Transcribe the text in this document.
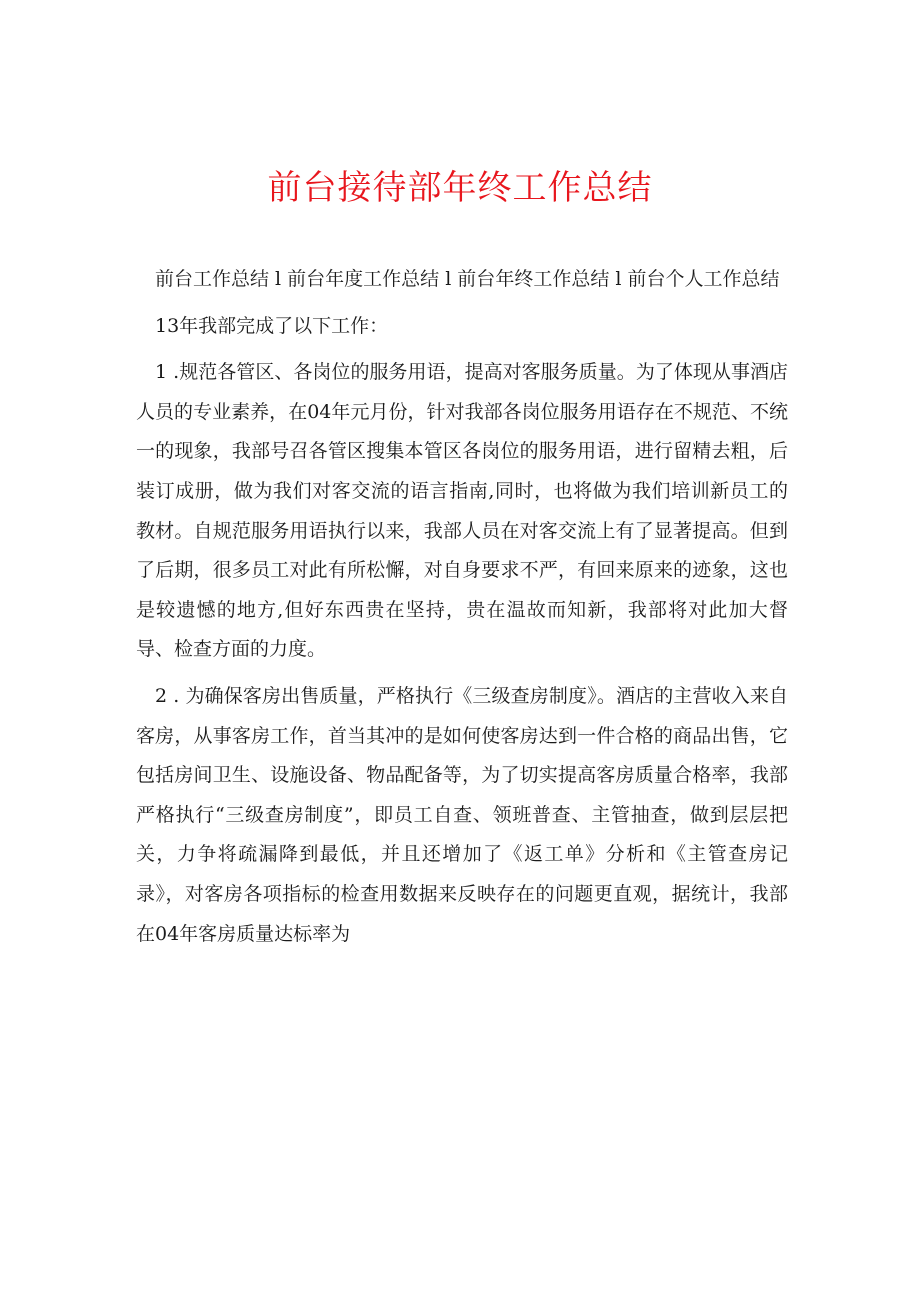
前台接待部年终工作总结

前台工作总结 l 前台年度工作总结 l 前台年终工作总结 l 前台个人工作总结

13年我部完成了以下工作：

1 .规范各管区、各岗位的服务用语，提高对客服务质量。为了体现从事酒店人员的专业素养，在04年元月份，针对我部各岗位服务用语存在不规范、不统一的现象，我部号召各管区搜集本管区各岗位的服务用语，进行留精去粗，后装订成册，做为我们对客交流的语言指南,同时，也将做为我们培训新员工的教材。自规范服务用语执行以来，我部人员在对客交流上有了显著提高。但到了后期，很多员工对此有所松懈，对自身要求不严，有回来原来的迹象，这也是较遗憾的地方,但好东西贵在坚持，贵在温故而知新，我部将对此加大督导、检查方面的力度。

2 . 为确保客房出售质量，严格执行《三级查房制度》。酒店的主营收入来自客房，从事客房工作，首当其冲的是如何使客房达到一件合格的商品出售，它包括房间卫生、设施设备、物品配备等，为了切实提高客房质量合格率，我部严格执行“三级查房制度”，即员工自查、领班普查、主管抽查，做到层层把关，力争将疏漏降到最低，并且还增加了《返工单》分析和《主管查房记录》，对客房各项指标的检查用数据来反映存在的问题更直观，据统计，我部在04年客房质量达标率为
